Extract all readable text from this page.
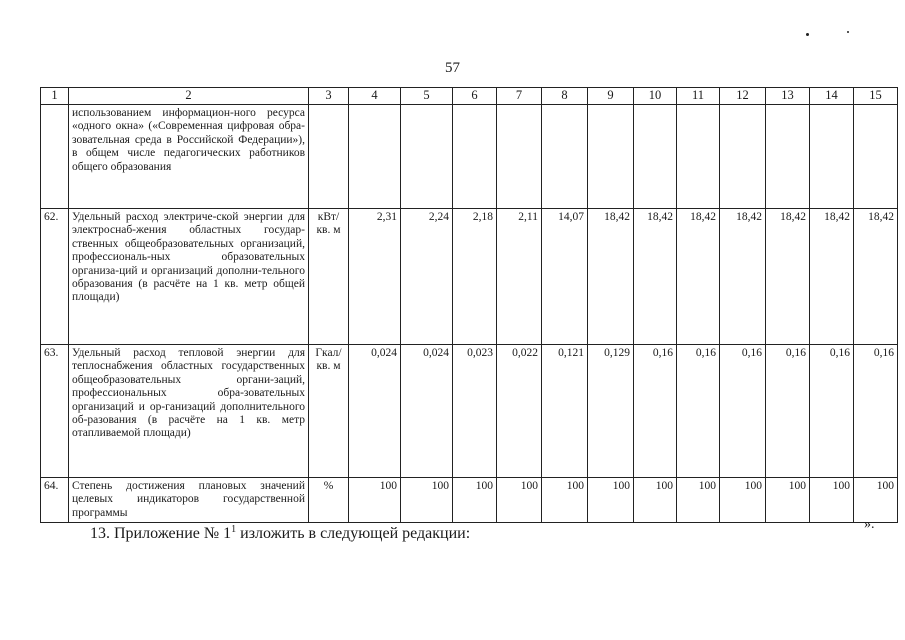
57
1	2	3	4	5	6	7	8	9	10	11	12	13	14	15
	использованием информацион-ного ресурса «одного окна» («Современная цифровая обра-зовательная среда в Российской Федерации»), в общем числе педагогических работников общего образования													
62.	Удельный расход электриче-ской энергии для электроснаб-жения областных государ-ственных общеобразовательных организаций, профессиональ-ных образовательных организа-ций и организаций дополни-тельного образования (в расчёте на 1 кв. метр общей площади)	кВт/ кв. м	2,31	2,24	2,18	2,11	14,07	18,42	18,42	18,42	18,42	18,42	18,42	18,42
63.	Удельный расход тепловой энергии для теплоснабжения областных государственных общеобразовательных органи-заций, профессиональных обра-зовательных организаций и ор-ганизаций дополнительного об-разования (в расчёте на 1 кв. метр отапливаемой площади)	Гкал/ кв. м	0,024	0,024	0,023	0,022	0,121	0,129	0,16	0,16	0,16	0,16	0,16	0,16
64.	Степень достижения плановых значений целевых индикаторов государственной программы	%	100	100	100	100	100	100	100	100	100	100	100	100
».
13. Приложение № $1^1$ изложить в следующей редакции:
